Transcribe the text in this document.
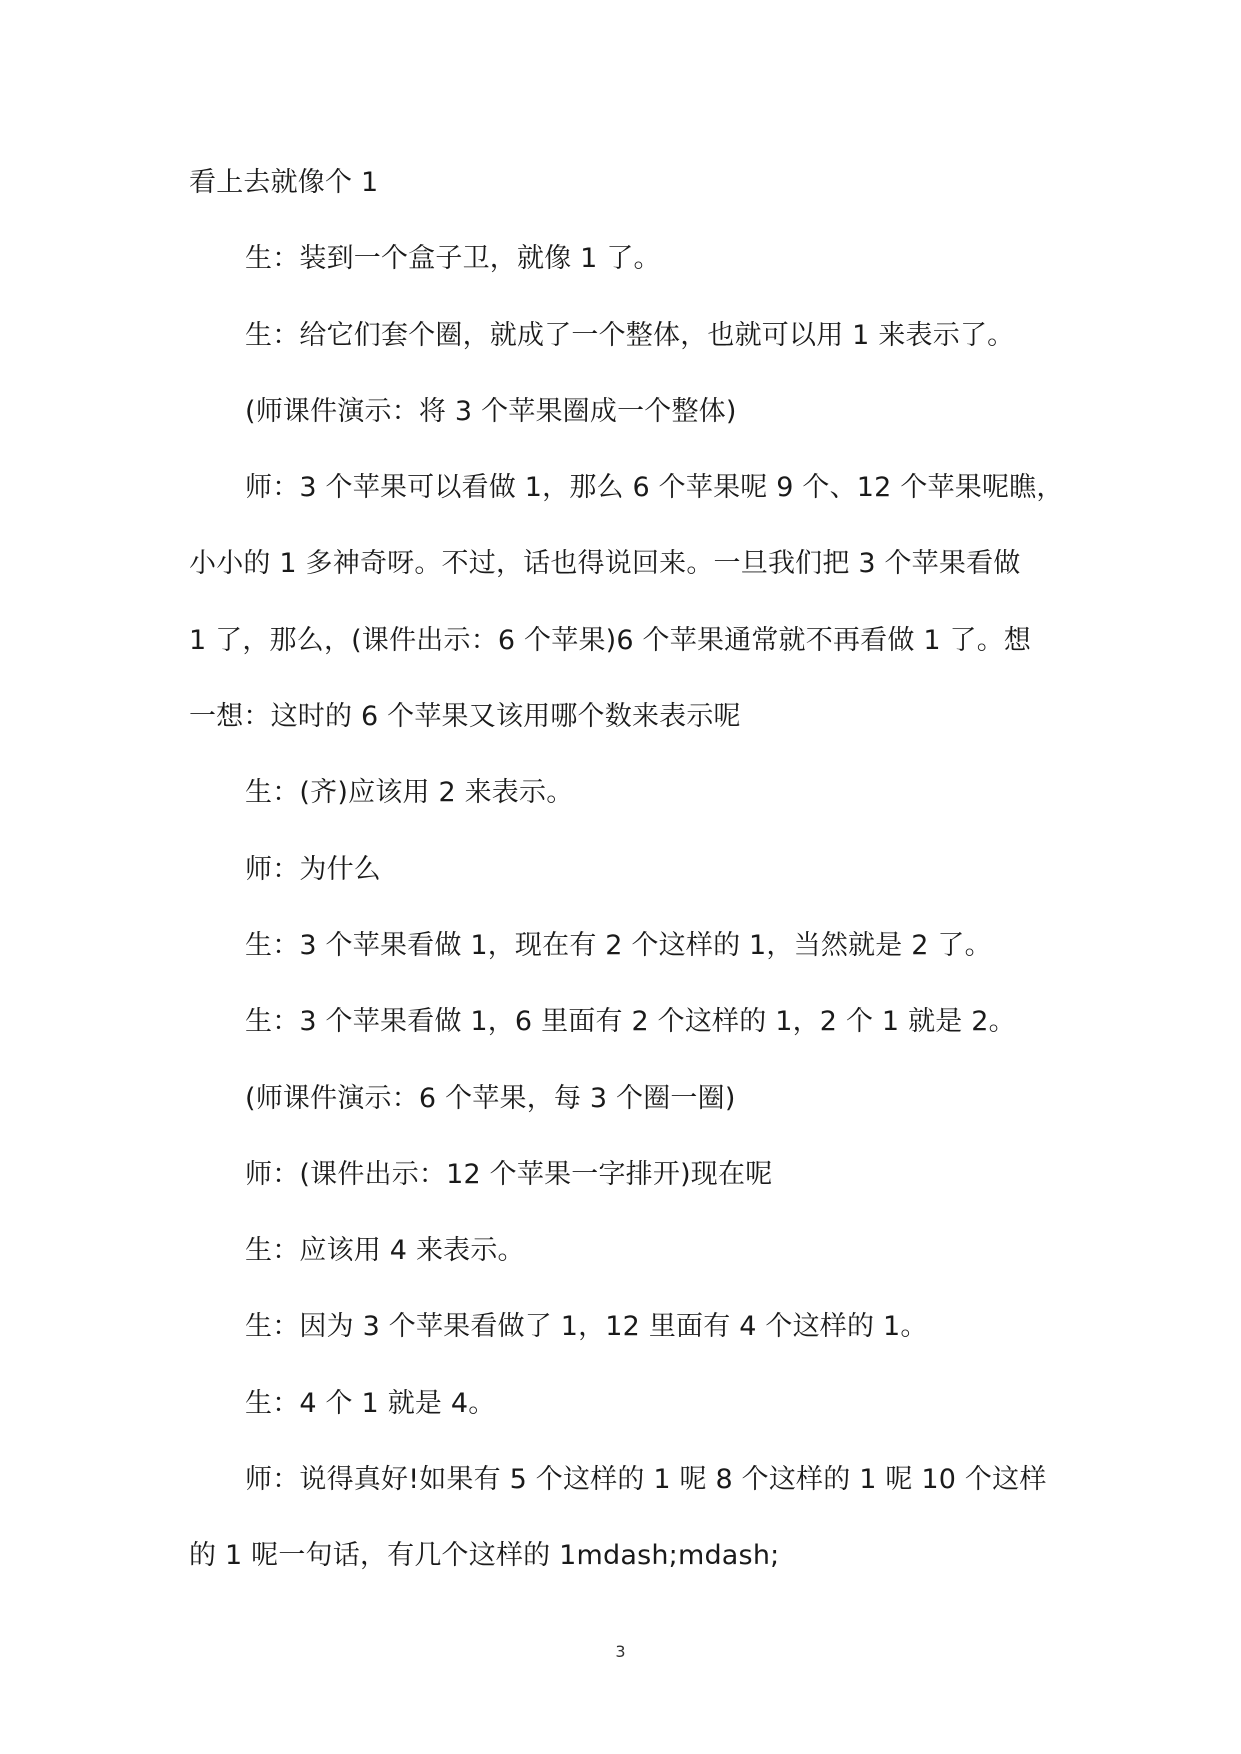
看上去就像个 1

生：装到一个盒子卫，就像 1 了。

生：给它们套个圈，就成了一个整体，也就可以用 1 来表示了。

(师课件演示：将 3 个苹果圈成一个整体)

师：3 个苹果可以看做 1，那么 6 个苹果呢 9 个、12 个苹果呢瞧，

小小的 1 多神奇呀。不过，话也得说回来。一旦我们把 3 个苹果看做

1 了，那么，(课件出示：6 个苹果)6 个苹果通常就不再看做 1 了。想

一想：这时的 6 个苹果又该用哪个数来表示呢

生：(齐)应该用 2 来表示。

师：为什么

生：3 个苹果看做 1，现在有 2 个这样的 1，当然就是 2 了。

生：3 个苹果看做 1，6 里面有 2 个这样的 1，2 个 1 就是 2。

(师课件演示：6 个苹果，每 3 个圈一圈)

师：(课件出示：12 个苹果一字排开)现在呢

生：应该用 4 来表示。

生：因为 3 个苹果看做了 1，12 里面有 4 个这样的 1。

生：4 个 1 就是 4。

师：说得真好!如果有 5 个这样的 1 呢 8 个这样的 1 呢 10 个这样

的 1 呢一句话，有几个这样的 1mdash;mdash;

3
